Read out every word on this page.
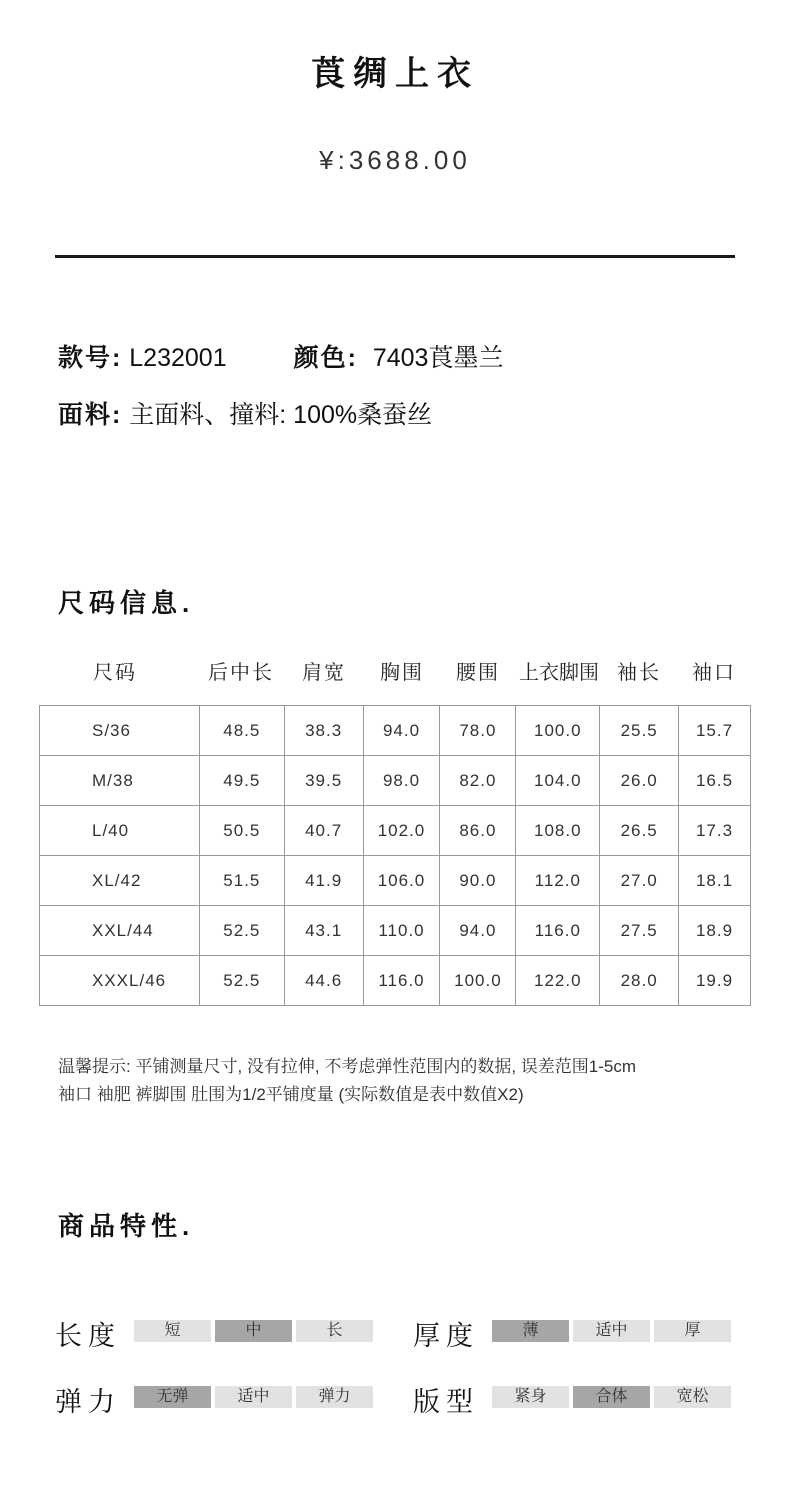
莨绸上衣
¥:3688.00
款号: L232001	颜色: 7403莨墨兰
面料: 主面料、撞料: 100%桑蚕丝
尺码信息.
尺码	后中长 肩宽 胸围 腰围 上衣脚围 袖长 袖口
S/36	48.5	38.3	94.0	78.0	100.0	25.5	15.7
M/38	49.5	39.5	98.0	82.0	104.0	26.0	16.5
L/40	50.5	40.7	102.0	86.0	108.0	26.5	17.3
XL/42	51.5	41.9	106.0	90.0	112.0	27.0	18.1
XXL/44	52.5	43.1	110.0	94.0	116.0	27.5	18.9
XXXL/46	52.5	44.6	116.0	100.0	122.0	28.0	19.9
温馨提示: 平铺测量尺寸, 没有拉伸, 不考虑弹性范围内的数据, 误差范围1-5cm
袖口 袖肥 裤脚围 肚围为1/2平铺度量 (实际数值是表中数值X2)
商品特性.
长度	短	中	长	厚度	薄	适中	厚
弹力	无弹	适中	弹力	版型	紧身	合体	宽松
